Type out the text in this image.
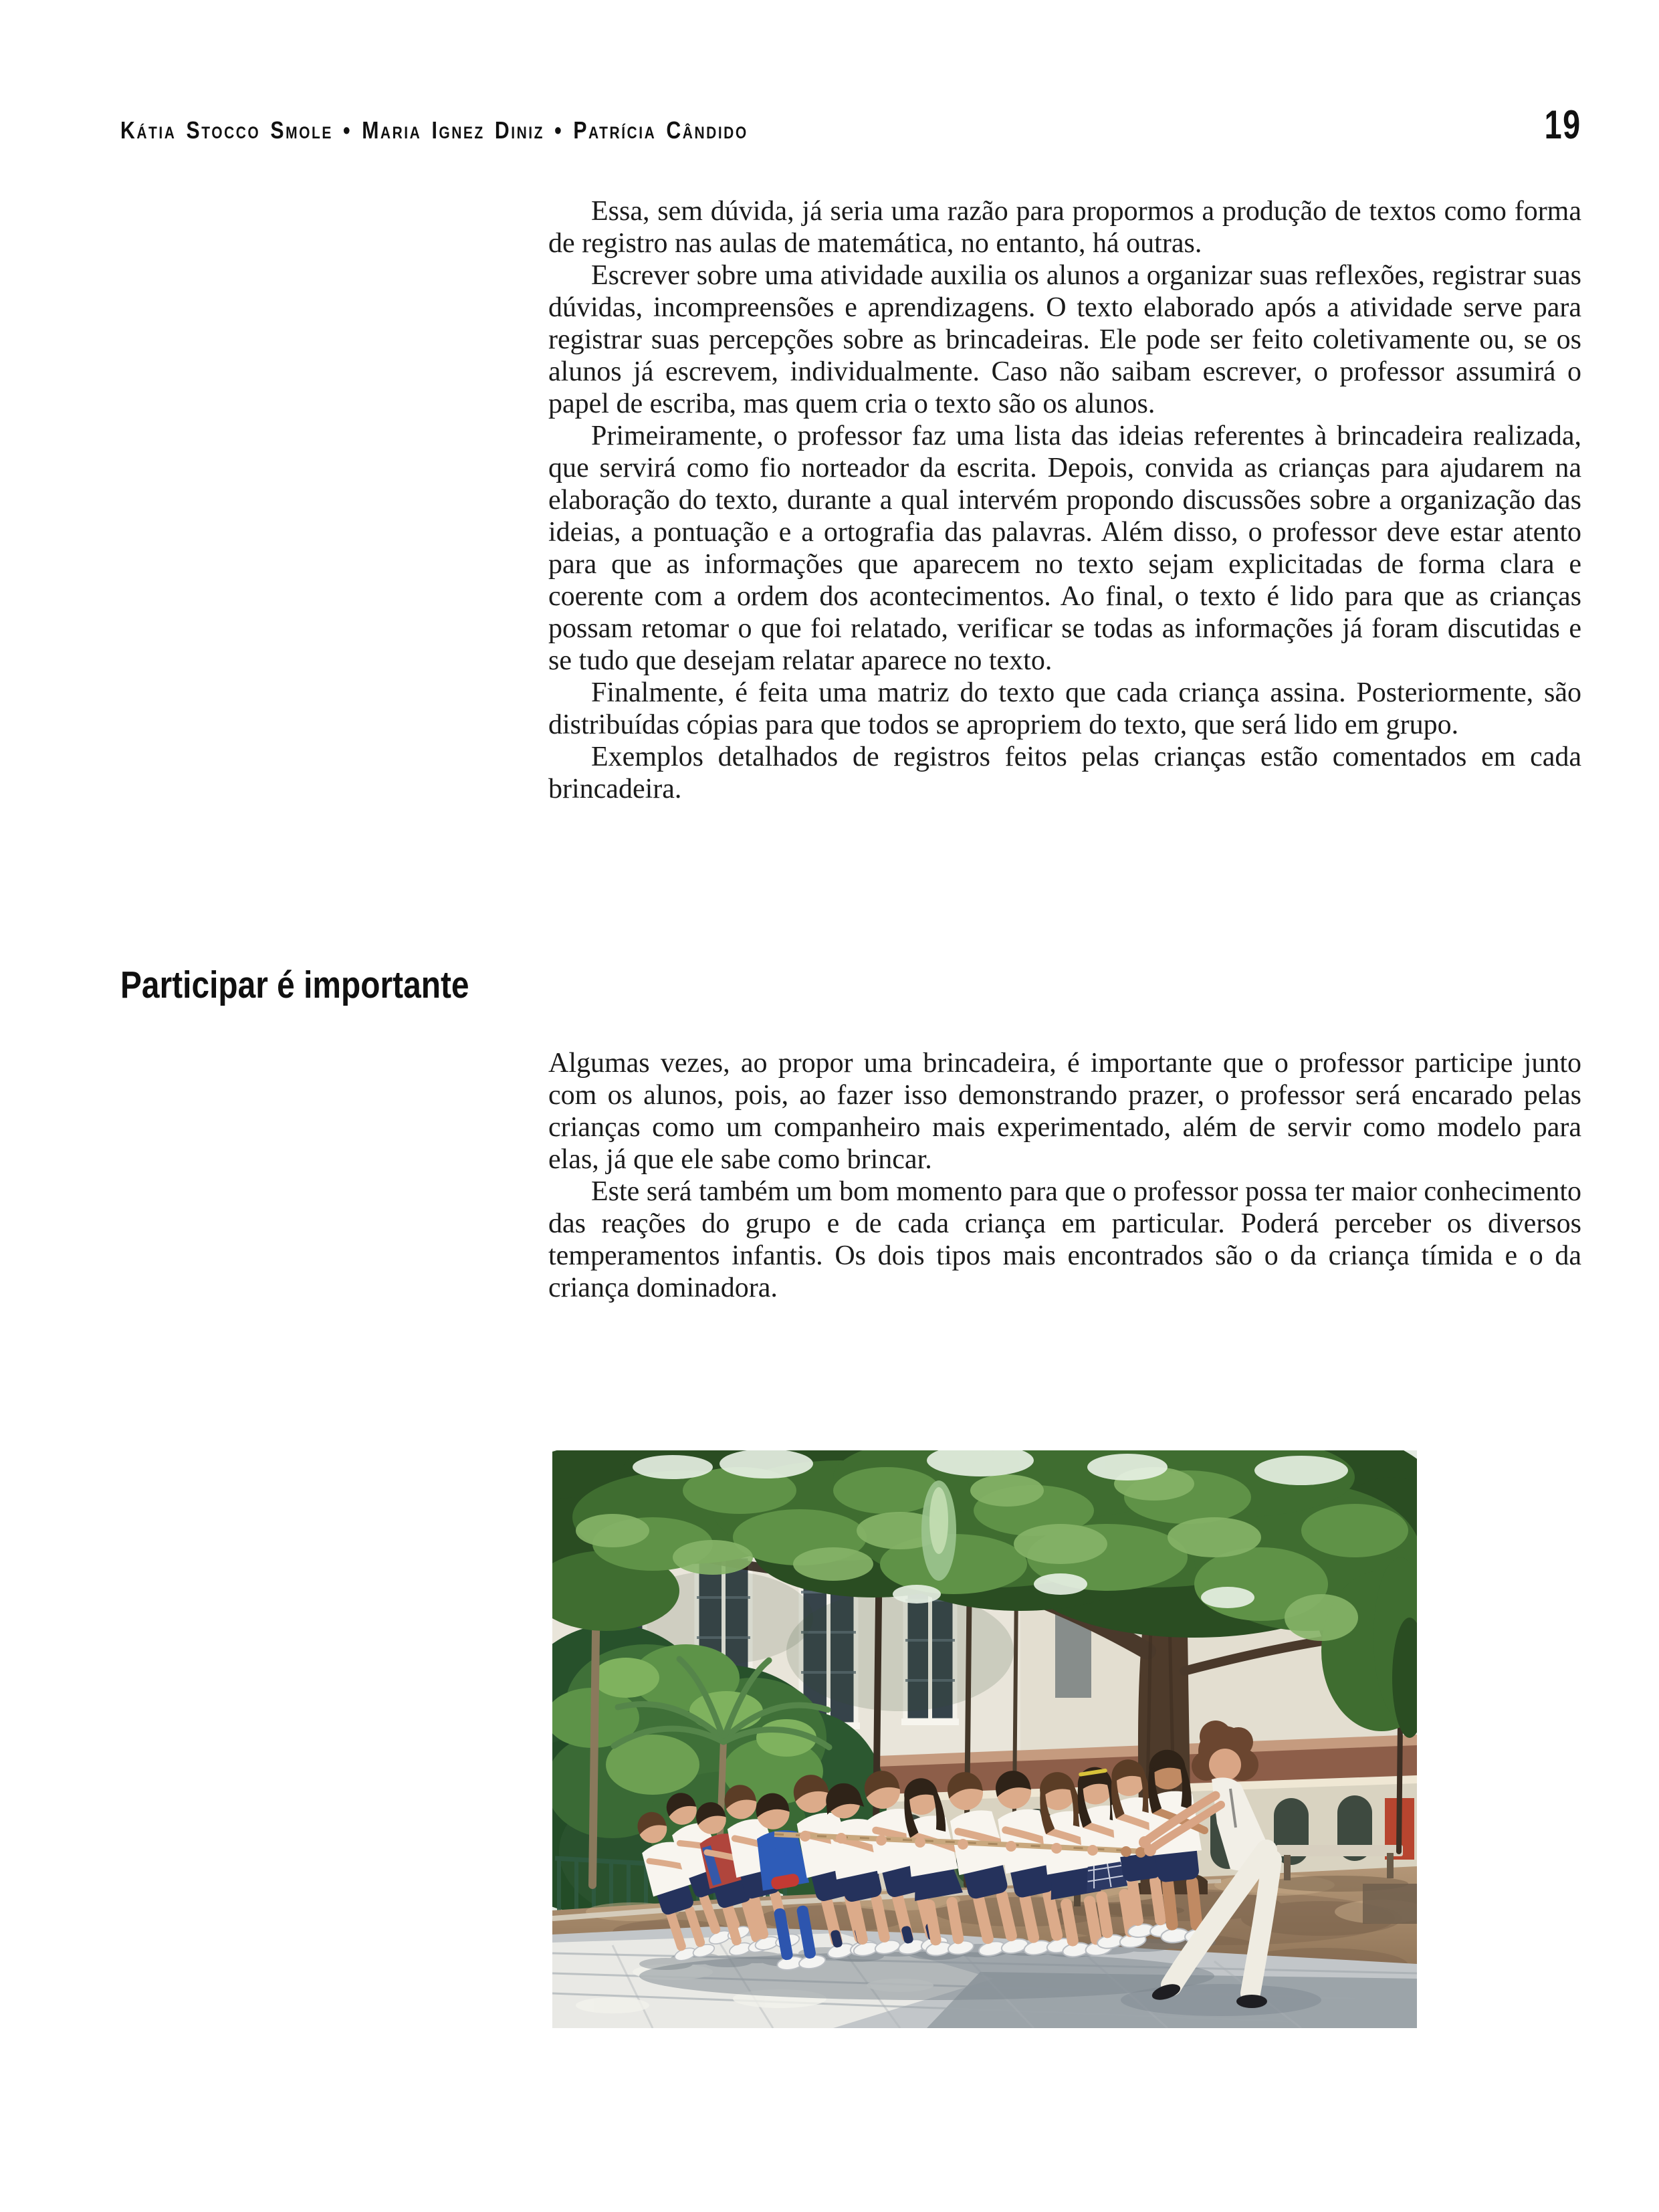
Kátia Stocco Smole • Maria Ignez Diniz • Patrícia Cândido	19

Essa, sem dúvida, já seria uma razão para propormos a produção de textos como forma de registro nas aulas de matemática, no entanto, há outras.

Escrever sobre uma atividade auxilia os alunos a organizar suas reflexões, registrar suas dúvidas, incompreensões e aprendizagens. O texto elaborado após a atividade serve para registrar suas percepções sobre as brincadeiras. Ele pode ser feito coletivamente ou, se os alunos já escrevem, individualmente. Caso não saibam escrever, o professor assumirá o papel de escriba, mas quem cria o texto são os alunos.

Primeiramente, o professor faz uma lista das ideias referentes à brincadeira realizada, que servirá como fio norteador da escrita. Depois, convida as crianças para ajudarem na elaboração do texto, durante a qual intervém propondo discussões sobre a organização das ideias, a pontuação e a ortografia das palavras. Além disso, o professor deve estar atento para que as informações que aparecem no texto sejam explicitadas de forma clara e coerente com a ordem dos acontecimentos. Ao final, o texto é lido para que as crianças possam retomar o que foi relatado, verificar se todas as informações já foram discutidas e se tudo que desejam relatar aparece no texto.

Finalmente, é feita uma matriz do texto que cada criança assina. Posteriormente, são distribuídas cópias para que todos se apropriem do texto, que será lido em grupo.

Exemplos detalhados de registros feitos pelas crianças estão comentados em cada brincadeira.

Participar é importante

Algumas vezes, ao propor uma brincadeira, é importante que o professor participe junto com os alunos, pois, ao fazer isso demonstrando prazer, o professor será encarado pelas crianças como um companheiro mais experimentado, além de servir como modelo para elas, já que ele sabe como brincar.

Este será também um bom momento para que o professor possa ter maior conhecimento das reações do grupo e de cada criança em particular. Poderá perceber os diversos temperamentos infantis. Os dois tipos mais encontrados são o da criança tímida e o da criança dominadora.
